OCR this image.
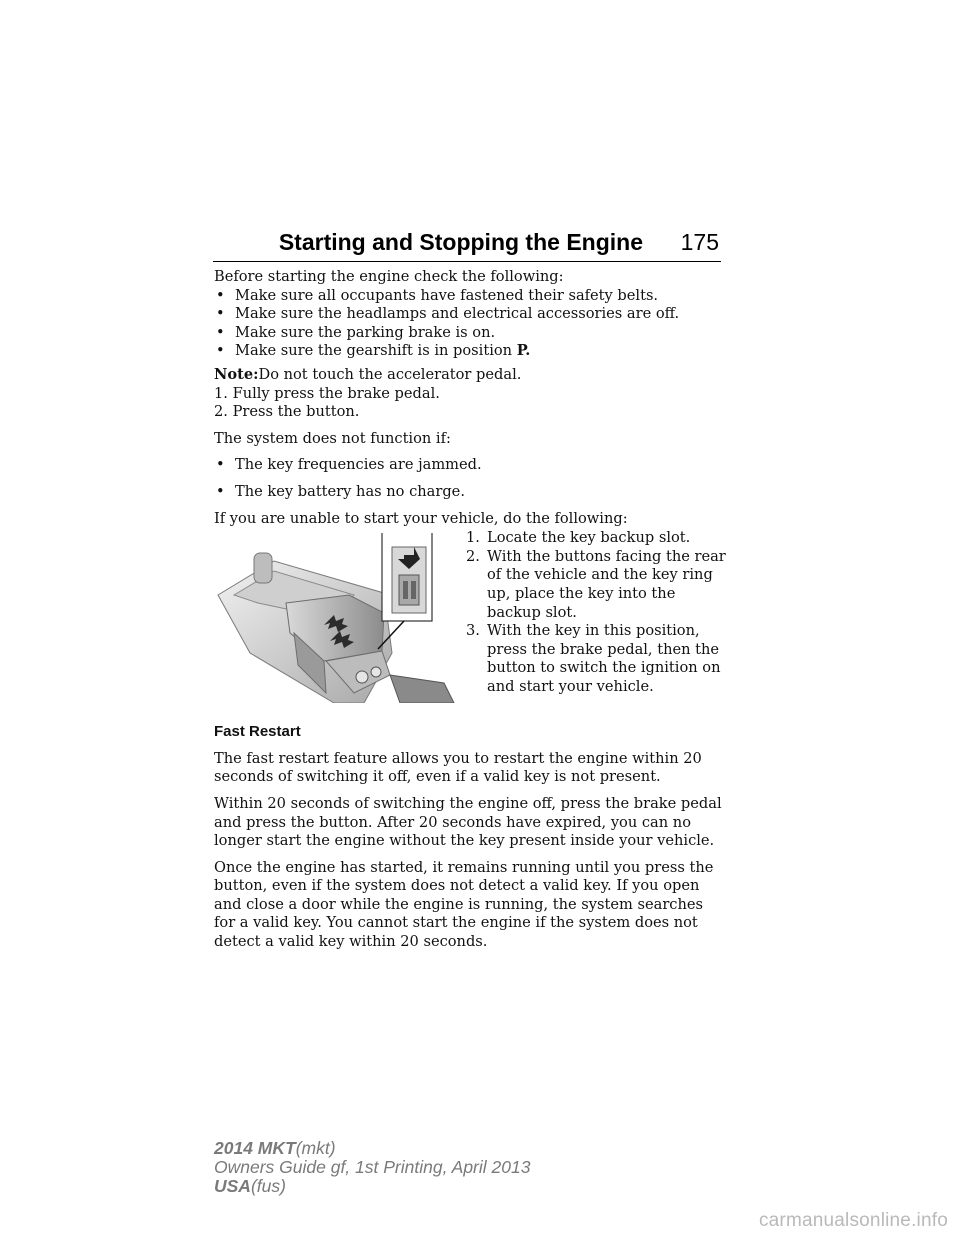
Starting and Stopping the Engine 175

Before starting the engine check the following:

• Make sure all occupants have fastened their safety belts.
• Make sure the headlamps and electrical accessories are off.
• Make sure the parking brake is on.
• Make sure the gearshift is in position P.

Note:Do not touch the accelerator pedal.

1. Fully press the brake pedal.

2. Press the button.

The system does not function if:

• The key frequencies are jammed.
• The key battery has no charge.

If you are unable to start your vehicle, do the following:

1. Locate the key backup slot.
2. With the buttons facing the rear of the vehicle and the key ring up, place the key into the backup slot.
3. With the key in this position, press the brake pedal, then the button to switch the ignition on and start your vehicle.

Fast Restart

The fast restart feature allows you to restart the engine within 20 seconds of switching it off, even if a valid key is not present.

Within 20 seconds of switching the engine off, press the brake pedal and press the button. After 20 seconds have expired, you can no longer start the engine without the key present inside your vehicle.

Once the engine has started, it remains running until you press the button, even if the system does not detect a valid key. If you open and close a door while the engine is running, the system searches for a valid key. You cannot start the engine if the system does not detect a valid key within 20 seconds.

2014 MKT(mkt)
Owners Guide gf, 1st Printing, April 2013
USA(fus)
carmanualsonline.info
